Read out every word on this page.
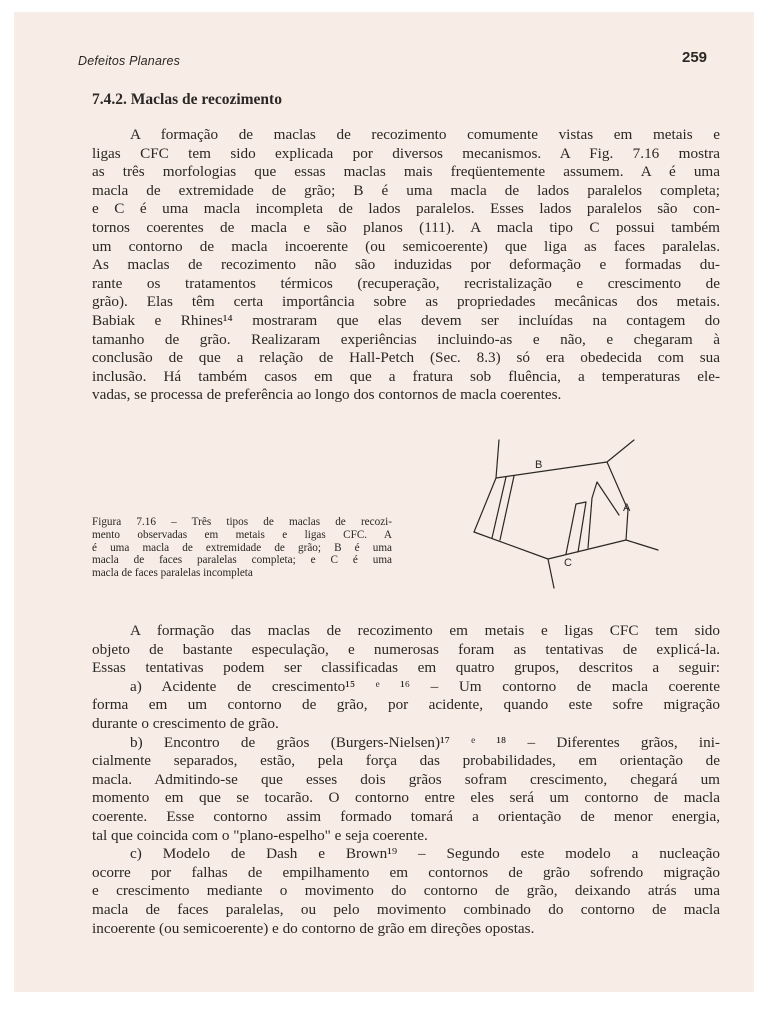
Defeitos Planares	259
7.4.2. Maclas de recozimento
A formação de maclas de recozimento comumente vistas em metais e
ligas CFC tem sido explicada por diversos mecanismos. A Fig. 7.16 mostra
as três morfologias que essas maclas mais freqüentemente assumem. A é uma
macla de extremidade de grão; B é uma macla de lados paralelos completa;
e C é uma macla incompleta de lados paralelos. Esses lados paralelos são con-
tornos coerentes de macla e são planos (111). A macla tipo C possui também
um contorno de macla incoerente (ou semicoerente) que liga as faces paralelas.
As maclas de recozimento não são induzidas por deformação e formadas du-
rante os tratamentos térmicos (recuperação, recristalização e crescimento de
grão). Elas têm certa importância sobre as propriedades mecânicas dos metais.
Babiak e Rhines¹⁴ mostraram que elas devem ser incluídas na contagem do
tamanho de grão. Realizaram experiências incluindo-as e não, e chegaram à
conclusão de que a relação de Hall-Petch (Sec. 8.3) só era obedecida com sua
inclusão. Há também casos em que a fratura sob fluência, a temperaturas ele-
vadas, se processa de preferência ao longo dos contornos de macla coerentes.
B
A
C
Figura 7.16 – Três tipos de maclas de recozi-
mento observadas em metais e ligas CFC. A
é uma macla de extremidade de grão; B é uma
macla de faces paralelas completa; e C é uma
macla de faces paralelas incompleta
A formação das maclas de recozimento em metais e ligas CFC tem sido
objeto de bastante especulação, e numerosas foram as tentativas de explicá-la.
Essas tentativas podem ser classificadas em quatro grupos, descritos a seguir:
a) Acidente de crescimento¹⁵ ᵉ ¹⁶ – Um contorno de macla coerente
forma em um contorno de grão, por acidente, quando este sofre migração
durante o crescimento de grão.
b) Encontro de grãos (Burgers-Nielsen)¹⁷ ᵉ ¹⁸ – Diferentes grãos, ini-
cialmente separados, estão, pela força das probabilidades, em orientação de
macla. Admitindo-se que esses dois grãos sofram crescimento, chegará um
momento em que se tocarão. O contorno entre eles será um contorno de macla
coerente. Esse contorno assim formado tomará a orientação de menor energia,
tal que coincida com o "plano-espelho" e seja coerente.
c) Modelo de Dash e Brown¹⁹ – Segundo este modelo a nucleação
ocorre por falhas de empilhamento em contornos de grão sofrendo migração
e crescimento mediante o movimento do contorno de grão, deixando atrás uma
macla de faces paralelas, ou pelo movimento combinado do contorno de macla
incoerente (ou semicoerente) e do contorno de grão em direções opostas.
